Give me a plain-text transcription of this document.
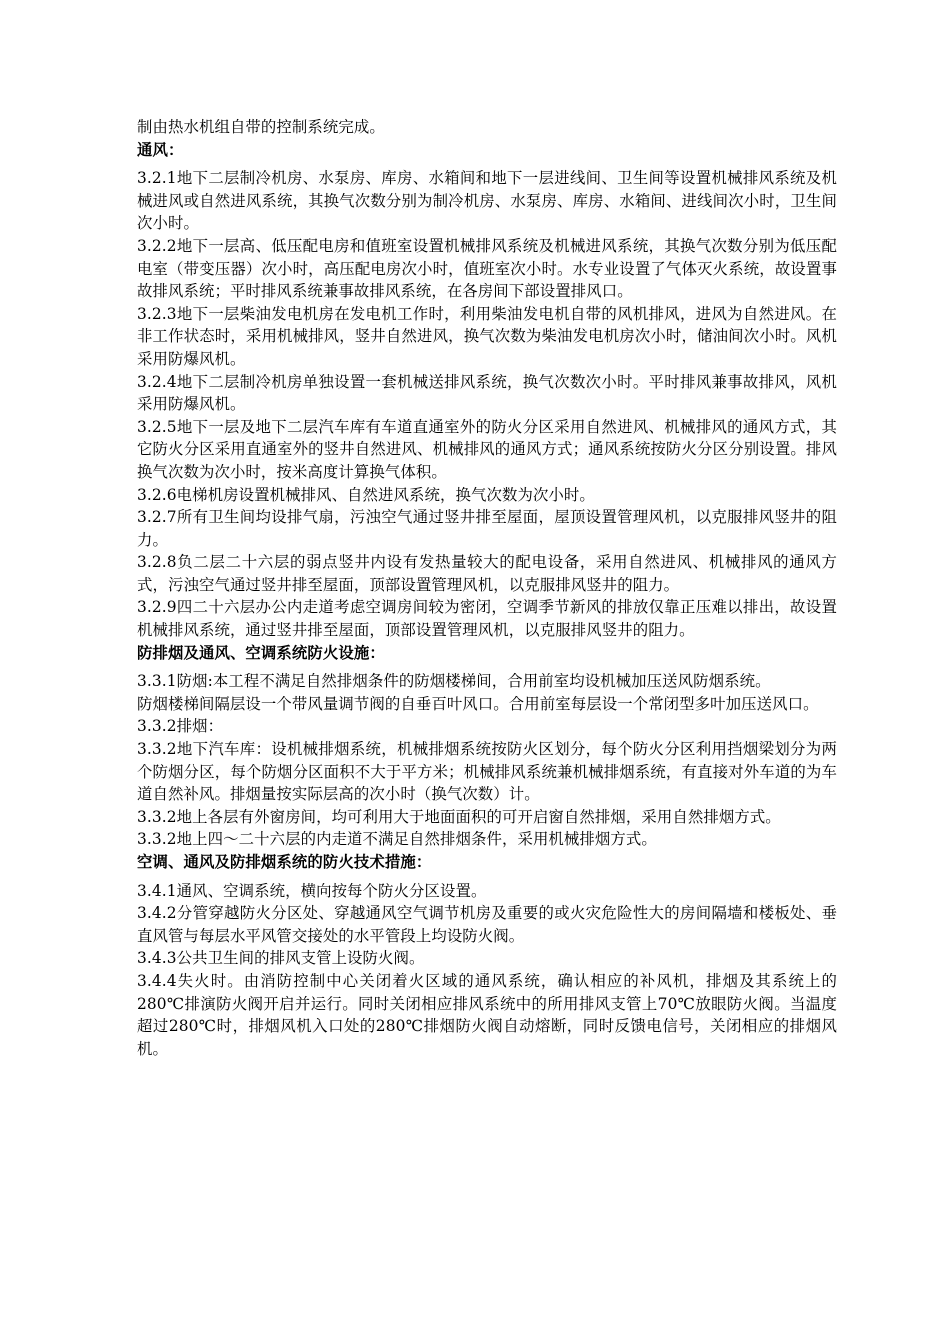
制由热水机组自带的控制系统完成。

通风：

3.2.1地下二层制冷机房、水泵房、库房、水箱间和地下一层进线间、卫生间等设置机械排风系统及机械进风或自然进风系统，其换气次数分别为制冷机房、水泵房、库房、水箱间、进线间次小时，卫生间次小时。

3.2.2地下一层高、低压配电房和值班室设置机械排风系统及机械进风系统，其换气次数分别为低压配电室（带变压器）次小时，高压配电房次小时，值班室次小时。水专业设置了气体灭火系统，故设置事故排风系统；平时排风系统兼事故排风系统，在各房间下部设置排风口。

3.2.3地下一层柴油发电机房在发电机工作时，利用柴油发电机自带的风机排风，进风为自然进风。在非工作状态时，采用机械排风，竖井自然进风，换气次数为柴油发电机房次小时，储油间次小时。风机采用防爆风机。

3.2.4地下二层制冷机房单独设置一套机械送排风系统，换气次数次小时。平时排风兼事故排风，风机采用防爆风机。

3.2.5地下一层及地下二层汽车库有车道直通室外的防火分区采用自然进风、机械排风的通风方式，其它防火分区采用直通室外的竖井自然进风、机械排风的通风方式；通风系统按防火分区分别设置。排风换气次数为次小时，按米高度计算换气体积。

3.2.6电梯机房设置机械排风、自然进风系统，换气次数为次小时。

3.2.7所有卫生间均设排气扇，污浊空气通过竖井排至屋面，屋顶设置管理风机，以克服排风竖井的阻力。

3.2.8负二层二十六层的弱点竖井内设有发热量较大的配电设备，采用自然进风、机械排风的通风方式，污浊空气通过竖井排至屋面，顶部设置管理风机，以克服排风竖井的阻力。

3.2.9四二十六层办公内走道考虑空调房间较为密闭，空调季节新风的排放仅靠正压难以排出，故设置机械排风系统，通过竖井排至屋面，顶部设置管理风机，以克服排风竖井的阻力。

防排烟及通风、空调系统防火设施：

3.3.1防烟:本工程不满足自然排烟条件的防烟楼梯间，合用前室均设机械加压送风防烟系统。

防烟楼梯间隔层设一个带风量调节阀的自垂百叶风口。合用前室每层设一个常闭型多叶加压送风口。

3.3.2排烟：

3.3.2地下汽车库：设机械排烟系统，机械排烟系统按防火区划分，每个防火分区利用挡烟梁划分为两个防烟分区，每个防烟分区面积不大于平方米；机械排风系统兼机械排烟系统，有直接对外车道的为车道自然补风。排烟量按实际层高的次小时（换气次数）计。

3.3.2地上各层有外窗房间，均可利用大于地面面积的可开启窗自然排烟，采用自然排烟方式。

3.3.2地上四～二十六层的内走道不满足自然排烟条件，采用机械排烟方式。

空调、通风及防排烟系统的防火技术措施：

3.4.1通风、空调系统，横向按每个防火分区设置。

3.4.2分管穿越防火分区处、穿越通风空气调节机房及重要的或火灾危险性大的房间隔墙和楼板处、垂直风管与每层水平风管交接处的水平管段上均设防火阀。

3.4.3公共卫生间的排风支管上设防火阀。

3.4.4失火时。由消防控制中心关闭着火区域的通风系统，确认相应的补风机，排烟及其系统上的280℃排演防火阀开启并运行。同时关闭相应排风系统中的所用排风支管上70℃放眼防火阀。当温度超过280℃时，排烟风机入口处的280℃排烟防火阀自动熔断，同时反馈电信号，关闭相应的排烟风机。
